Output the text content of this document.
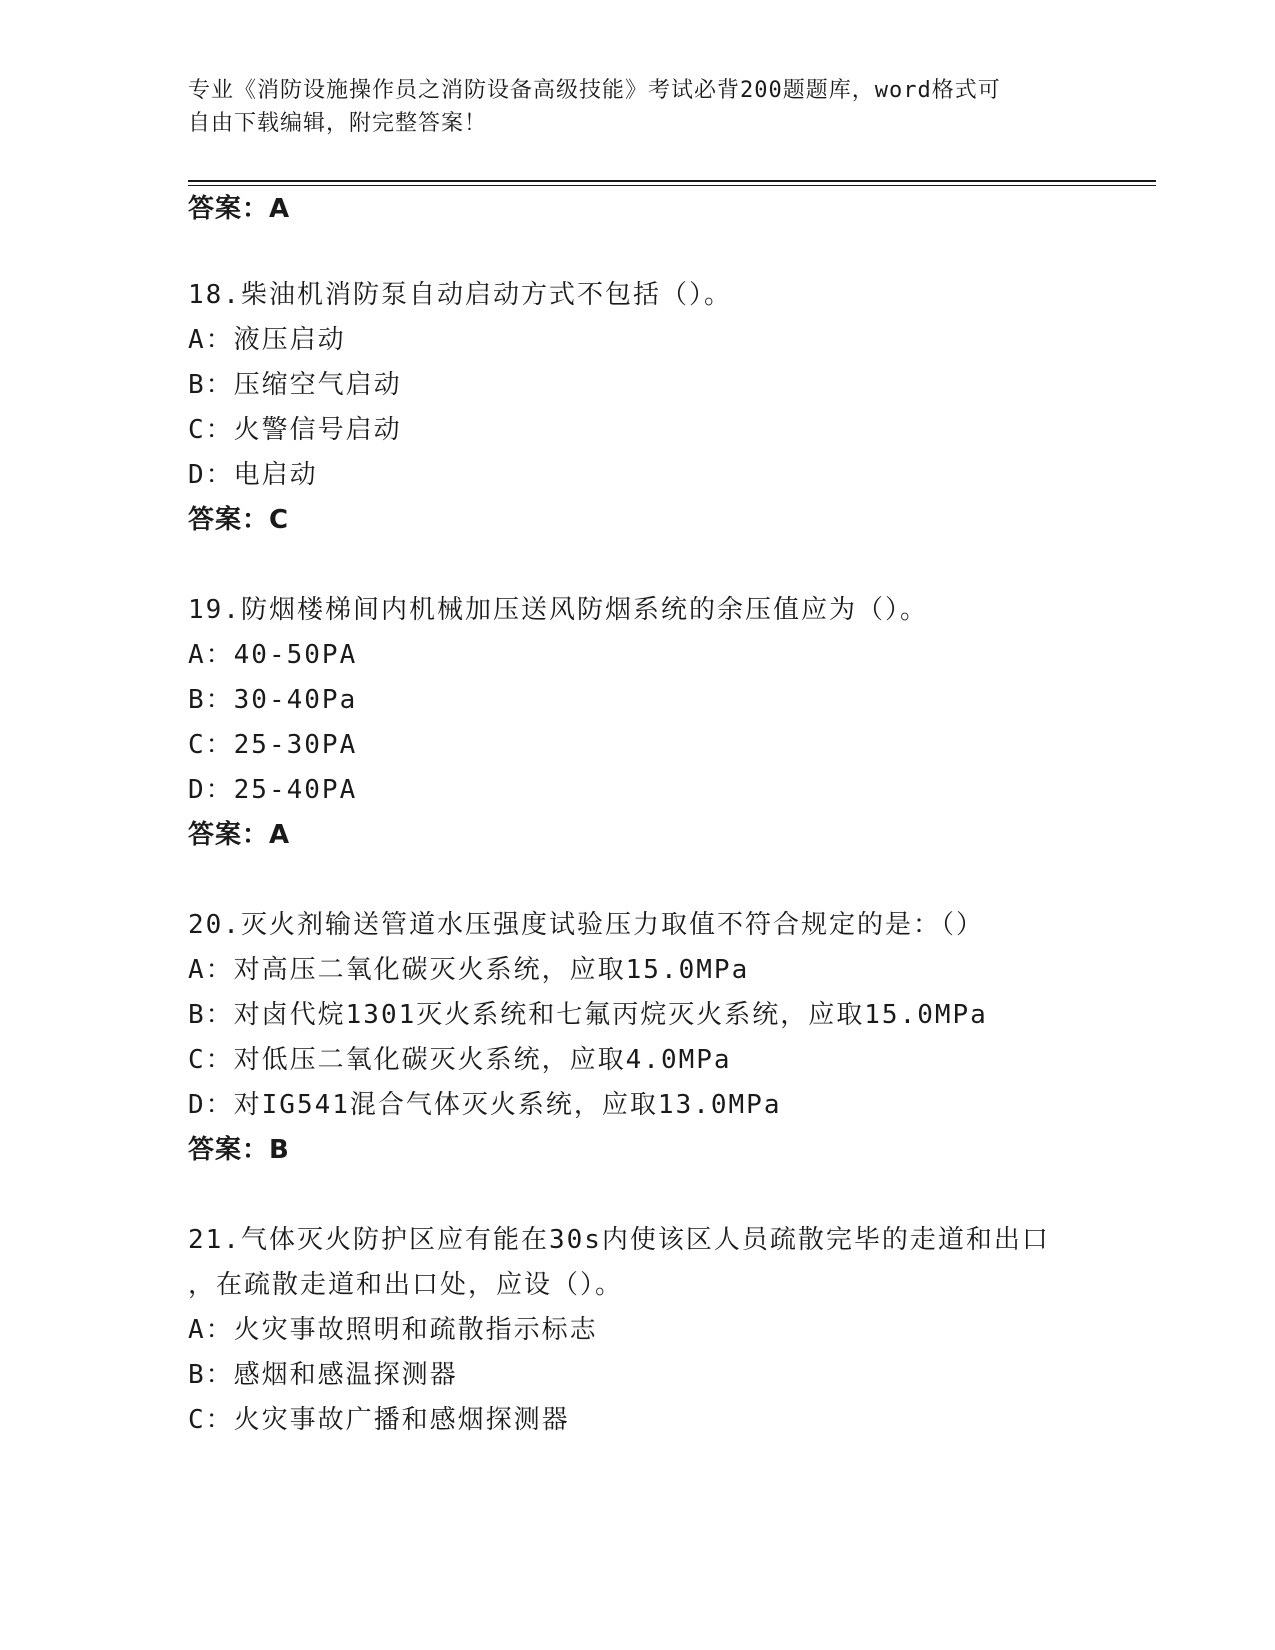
专业《消防设施操作员之消防设备高级技能》考试必背200题题库，word格式可
自由下载编辑，附完整答案！
答案：A
18.柴油机消防泵自动启动方式不包括（）。
A：液压启动
B：压缩空气启动
C：火警信号启动
D：电启动
答案：C
19.防烟楼梯间内机械加压送风防烟系统的余压值应为（）。
A：40-50PA
B：30-40Pa
C：25-30PA
D：25-40PA
答案：A
20.灭火剂输送管道水压强度试验压力取值不符合规定的是：（）
A：对高压二氧化碳灭火系统，应取15.0MPa
B：对卤代烷1301灭火系统和七氟丙烷灭火系统，应取15.0MPa
C：对低压二氧化碳灭火系统，应取4.0MPa
D：对IG541混合气体灭火系统，应取13.0MPa
答案：B
21.气体灭火防护区应有能在30s内使该区人员疏散完毕的走道和出口
，在疏散走道和出口处，应设（）。
A：火灾事故照明和疏散指示标志
B：感烟和感温探测器
C：火灾事故广播和感烟探测器
